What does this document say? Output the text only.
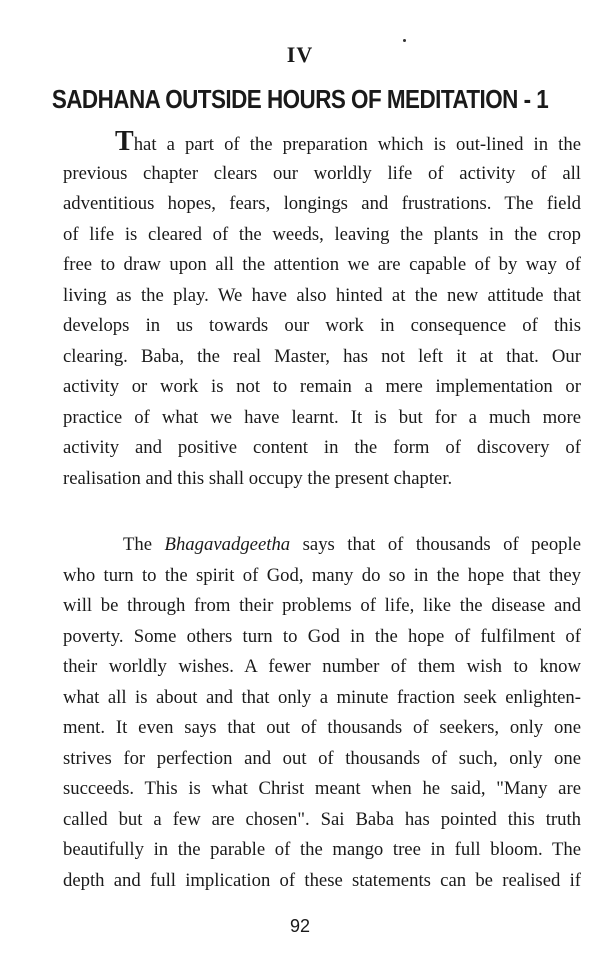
IV
SADHANA OUTSIDE HOURS OF MEDITATION - 1
That a part of the preparation which is out-lined in the
previous chapter clears our worldly life of activity of all
adventitious hopes, fears, longings and frustrations. The field
of life is cleared of the weeds, leaving the plants in the crop
free to draw upon all the attention we are capable of by way of
living as the play. We have also hinted at the new attitude that
develops in us towards our work in consequence of this
clearing. Baba, the real Master, has not left it at that. Our
activity or work is not to remain a mere implementation or
practice of what we have learnt. It is but for a much more
activity and positive content in the form of discovery of
realisation and this shall occupy the present chapter.
The Bhagavadgeetha says that of thousands of people
who turn to the spirit of God, many do so in the hope that they
will be through from their problems of life, like the disease and
poverty. Some others turn to God in the hope of fulfilment of
their worldly wishes. A fewer number of them wish to know
what all is about and that only a minute fraction seek enlighten-
ment. It even says that out of thousands of seekers, only one
strives for perfection and out of thousands of such, only one
succeeds. This is what Christ meant when he said, "Many are
called but a few are chosen". Sai Baba has pointed this truth
beautifully in the parable of the mango tree in full bloom. The
depth and full implication of these statements can be realised if
92
